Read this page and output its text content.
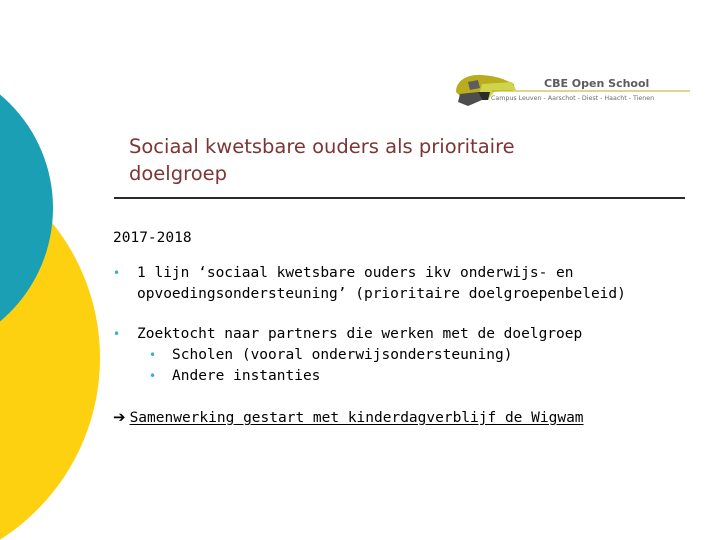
CBE Open School
Campus Leuven - Aarschot - Diest - Haacht - Tienen
Sociaal kwetsbare ouders als prioritaire
doelgroep
2017-2018
• 1 lijn ‘sociaal kwetsbare ouders ikv onderwijs- en
opvoedingsondersteuning’ (prioritaire doelgroepenbeleid)
• Zoektocht naar partners die werken met de doelgroep
• Scholen (vooral onderwijsondersteuning)
• Andere instanties
➔ Samenwerking gestart met kinderdagverblijf de Wigwam
